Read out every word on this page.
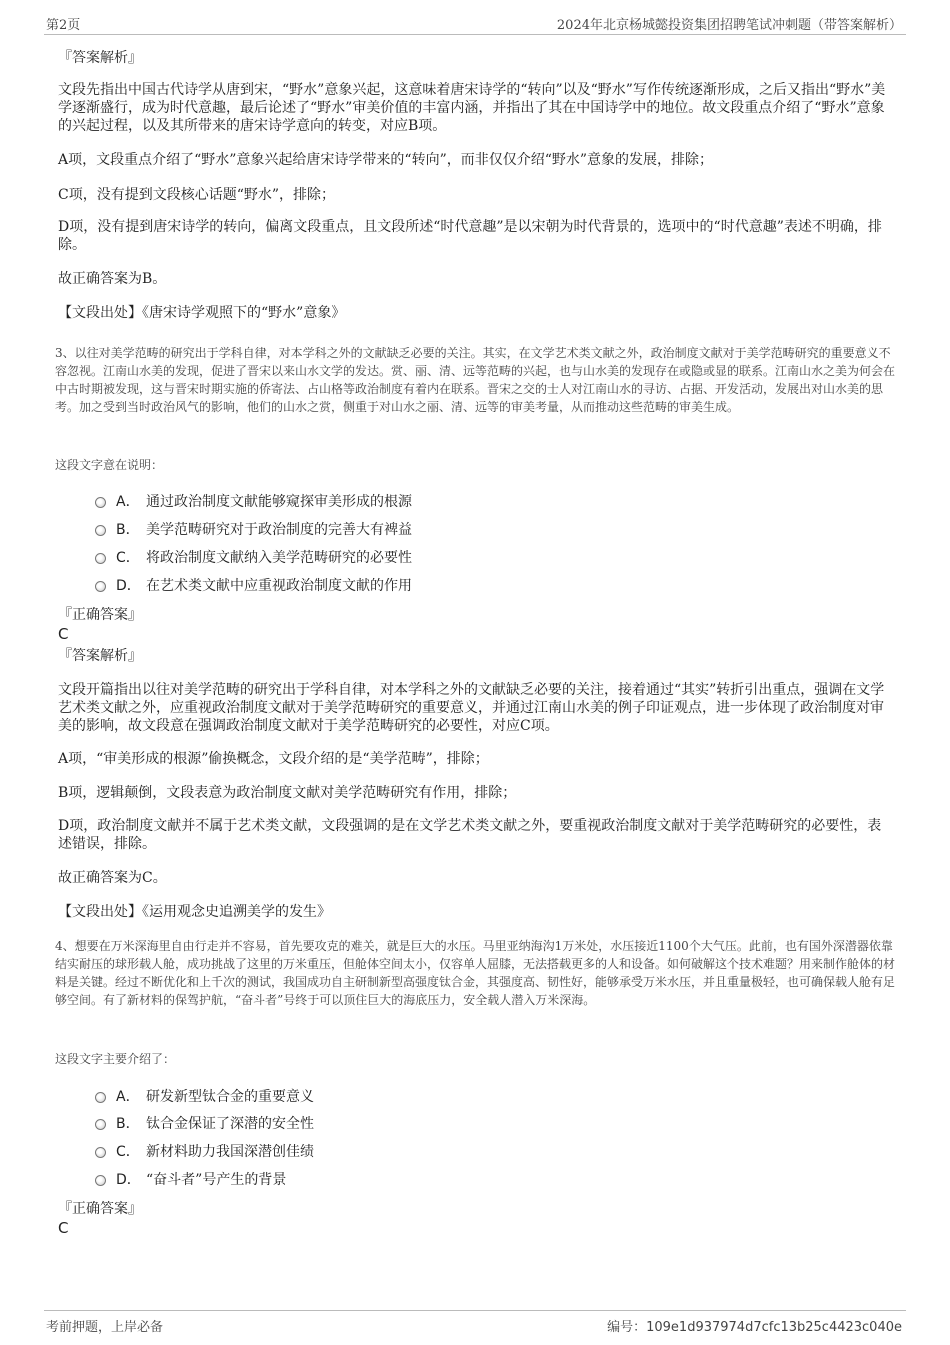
第2页	2024年北京杨城懿投资集团招聘笔试冲刺题（带答案解析）
『答案解析』

文段先指出中国古代诗学从唐到宋，“野水”意象兴起，这意味着唐宋诗学的“转向”以及“野水”写作传统逐渐形成，之后又指出“野水”美学逐渐盛行，成为时代意趣，最后论述了“野水”审美价值的丰富内涵，并指出了其在中国诗学中的地位。故文段重点介绍了“野水”意象的兴起过程，以及其所带来的唐宋诗学意向的转变，对应B项。

A项，文段重点介绍了“野水”意象兴起给唐宋诗学带来的“转向”，而非仅仅介绍“野水”意象的发展，排除；

C项，没有提到文段核心话题“野水”，排除；

D项，没有提到唐宋诗学的转向，偏离文段重点，且文段所述“时代意趣”是以宋朝为时代背景的，选项中的“时代意趣”表述不明确，排除。

故正确答案为B。

【文段出处】《唐宋诗学观照下的“野水”意象》

3、以往对美学范畴的研究出于学科自律，对本学科之外的文献缺乏必要的关注。其实，在文学艺术类文献之外，政治制度文献对于美学范畴研究的重要意义不容忽视。江南山水美的发现，促进了晋宋以来山水文学的发达。赏、丽、清、远等范畴的兴起，也与山水美的发现存在或隐或显的联系。江南山水之美为何会在中古时期被发现，这与晋宋时期实施的侨寄法、占山格等政治制度有着内在联系。晋宋之交的士人对江南山水的寻访、占据、开发活动，发展出对山水美的思考。加之受到当时政治风气的影响，他们的山水之赏，侧重于对山水之丽、清、远等的审美考量，从而推动这些范畴的审美生成。

这段文字意在说明：

A． 通过政治制度文献能够窥探审美形成的根源
B． 美学范畴研究对于政治制度的完善大有裨益
C． 将政治制度文献纳入美学范畴研究的必要性
D． 在艺术类文献中应重视政治制度文献的作用
『正确答案』
C
『答案解析』

文段开篇指出以往对美学范畴的研究出于学科自律，对本学科之外的文献缺乏必要的关注，接着通过“其实”转折引出重点，强调在文学艺术类文献之外，应重视政治制度文献对于美学范畴研究的重要意义，并通过江南山水美的例子印证观点，进一步体现了政治制度对审美的影响，故文段意在强调政治制度文献对于美学范畴研究的必要性，对应C项。

A项，“审美形成的根源”偷换概念，文段介绍的是“美学范畴”，排除；

B项，逻辑颠倒，文段表意为政治制度文献对美学范畴研究有作用，排除；

D项，政治制度文献并不属于艺术类文献，文段强调的是在文学艺术类文献之外，要重视政治制度文献对于美学范畴研究的必要性，表述错误，排除。

故正确答案为C。

【文段出处】《运用观念史追溯美学的发生》

4、想要在万米深海里自由行走并不容易，首先要攻克的难关，就是巨大的水压。马里亚纳海沟1万米处，水压接近1100个大气压。此前，也有国外深潜器依靠结实耐压的球形载人舱，成功挑战了这里的万米重压，但舱体空间太小，仅容单人屈膝，无法搭载更多的人和设备。如何破解这个技术难题？用来制作舱体的材料是关键。经过不断优化和上千次的测试，我国成功自主研制新型高强度钛合金，其强度高、韧性好，能够承受万米水压，并且重量极轻，也可确保载人舱有足够空间。有了新材料的保驾护航，“奋斗者”号终于可以顶住巨大的海底压力，安全载人潜入万米深海。

这段文字主要介绍了：

A． 研发新型钛合金的重要意义
B． 钛合金保证了深潜的安全性
C． 新材料助力我国深潜创佳绩
D． “奋斗者”号产生的背景
『正确答案』
C
考前押题，上岸必备	编号：109e1d937974d7cfc13b25c4423c040e
